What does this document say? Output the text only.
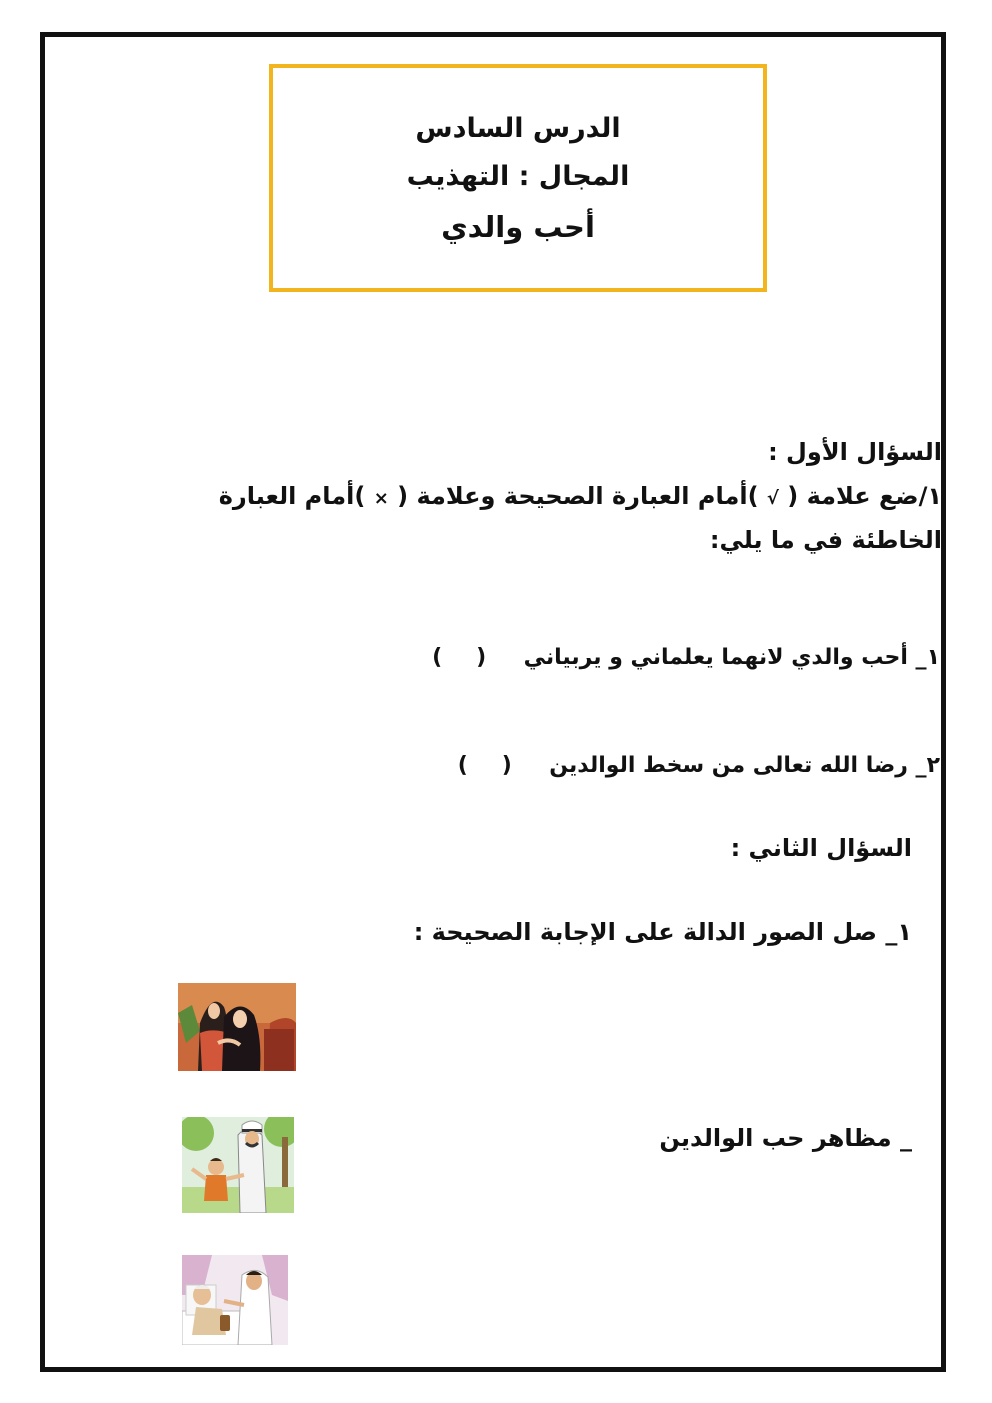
الدرس السادس
المجال : التهذيب
أحب والدي
السؤال الأول :
١/ضع علامة ( √ )أمام العبارة الصحيحة وعلامة ( × )أمام العبارة
الخاطئة في ما يلي:
١_ أحب والدي لانهما يعلماني و يربياني  ()
٢_ رضا الله تعالى من سخط الوالدين  ()
السؤال الثاني :
١_ صل الصور الدالة على الإجابة الصحيحة :
_ مظاهر حب الوالدين
